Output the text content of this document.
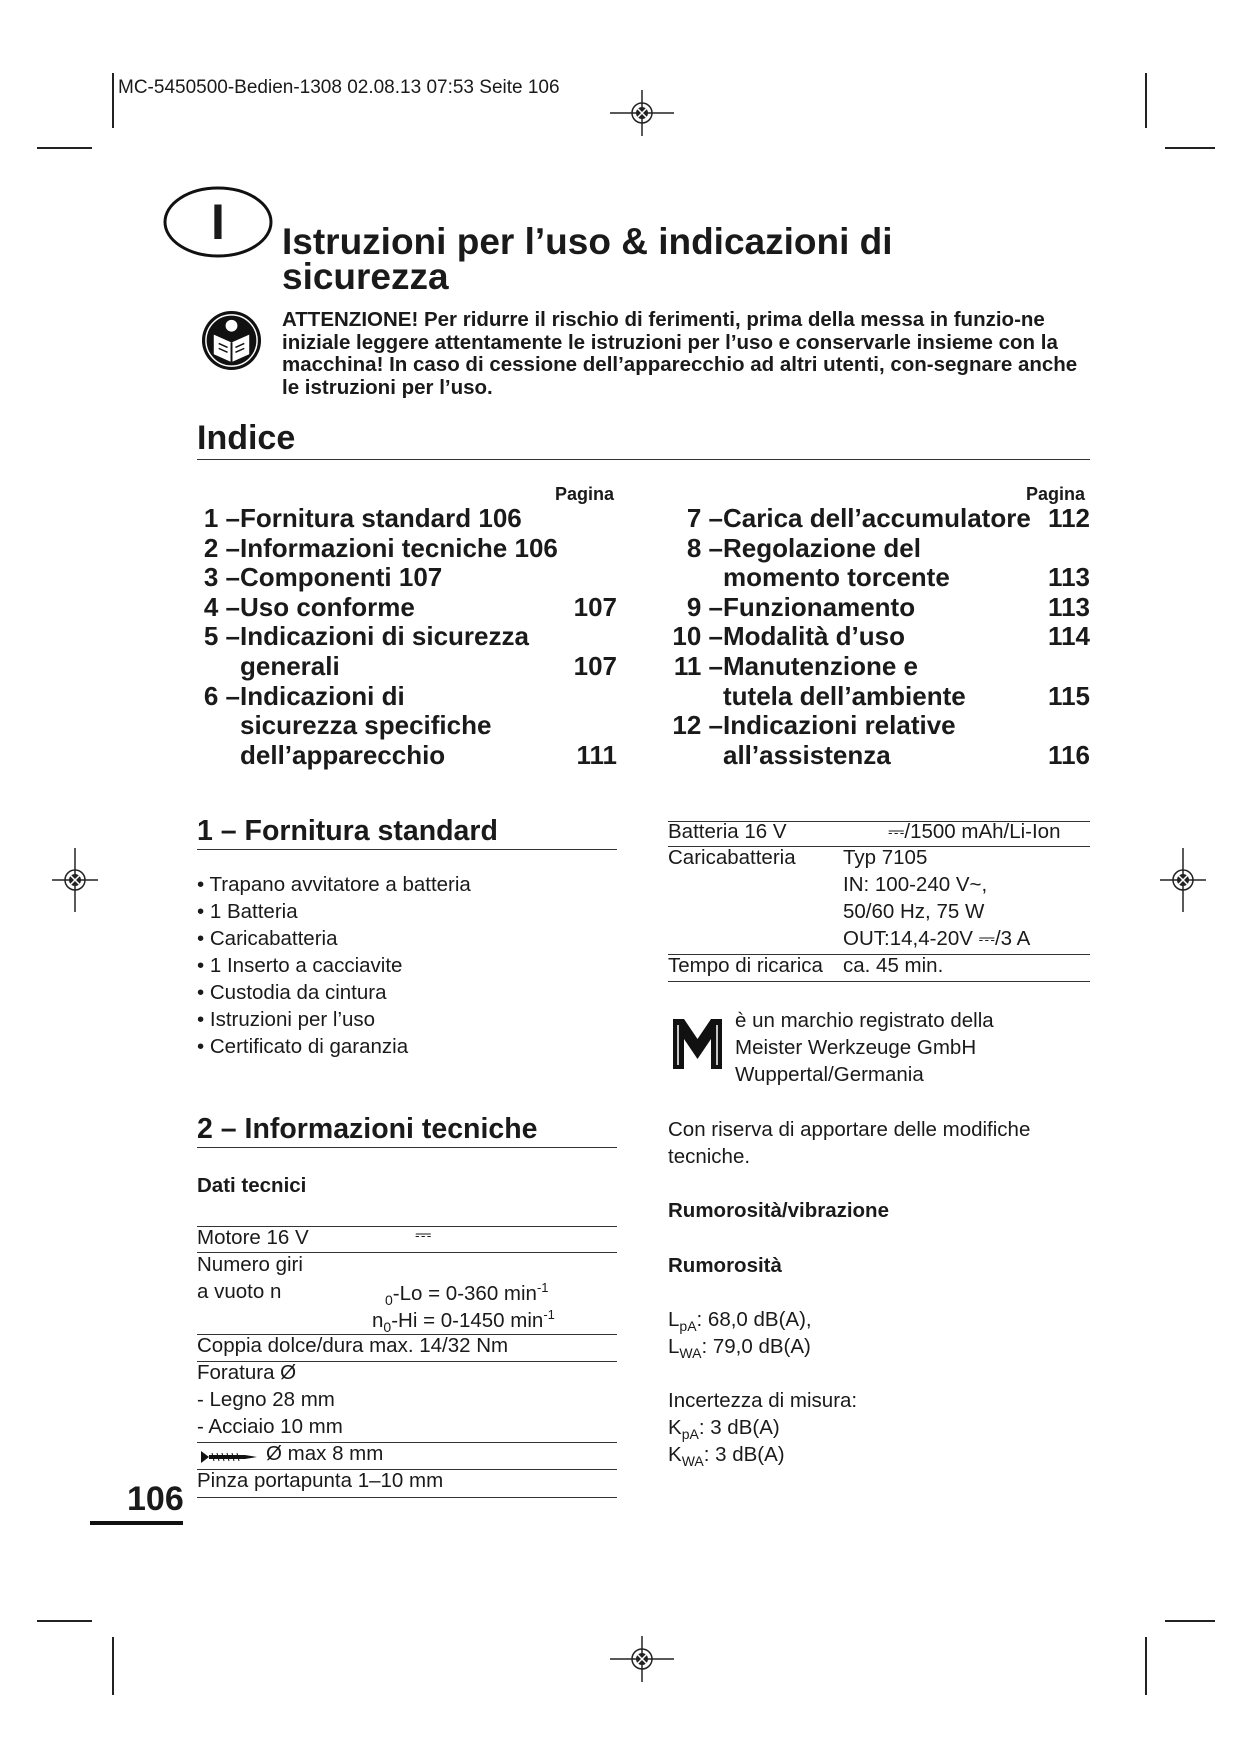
MC-5450500-Bedien-1308 02.08.13 07:53 Seite 106
I	Istruzioni per l’uso & indicazioni di sicurezza
ATTENZIONE! Per ridurre il rischio di ferimenti, prima della messa in funzio-ne iniziale leggere attentamente le istruzioni per l’uso e conservarle insieme con la macchina! In caso di cessione dell’apparecchio ad altri utenti, con-segnare anche le istruzioni per l’uso.
Indice
Pagina	Pagina
1 –Fornitura standard 106
2 –Informazioni tecniche 106
3 –Componenti 107
4 –Uso conforme	107
5 –Indicazioni di sicurezza
generali	107
6 –Indicazioni di
sicurezza specifiche
dell’apparecchio	111
7 –Carica dell’accumulatore 112
8 –Regolazione del
momento torcente	113
9 –Funzionamento	113
10 –Modalità d’uso	114
11 –Manutenzione e
tutela dell’ambiente	115
12 –Indicazioni relative
all’assistenza	116
1 – Fornitura standard
• Trapano avvitatore a batteria
• 1 Batteria
• Caricabatteria
• 1 Inserto a cacciavite
• Custodia da cintura
• Istruzioni per l’uso
• Certificato di garanzia
Batteria 16 V	⎓/1500 mAh/Li-Ion
Caricabatteria Typ 7105
IN: 100-240 V~,
50/60 Hz, 75 W
OUT:14,4-20V ⎓/3 A
Tempo di ricarica ca. 45 min.
è un marchio registrato della
Meister Werkzeuge GmbH
Wuppertal/Germania
Con riserva di apportare delle modifiche tecniche.
Rumorosità/vibrazione
Rumorosità
$L_{pA}$: 68,0 dB(A),
$L_{WA}$: 79,0 dB(A)
Incertezza di misura:
$K_{pA}$: 3 dB(A)
$K_{WA}$: 3 dB(A)
2 – Informazioni tecniche
Dati tecnici
Motore 16 V	⎓
Numero giri
a vuoto n	$_0$-Lo = 0-360 $\min^{-1}$
$n_0-Hi = 0-1450$ $\min^{-1}$
Coppia dolce/dura max. 14/32 Nm
Foratura Ø
- Legno 28 mm
- Acciaio 10 mm
Ø max 8 mm
Pinza portapunta 1–10 mm
106
